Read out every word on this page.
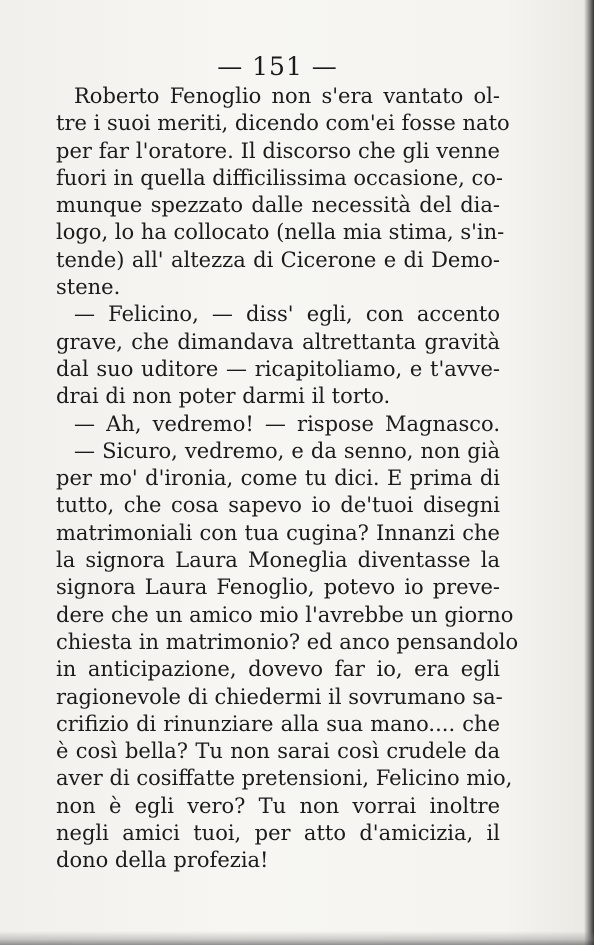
— 151 —
Roberto Fenoglio non s'era vantato ol-
tre i suoi meriti, dicendo com'ei fosse nato
per far l'oratore. Il discorso che gli venne
fuori in quella difficilissima occasione, co-
munque spezzato dalle necessità del dia-
logo, lo ha collocato (nella mia stima, s'in-
tende) all' altezza di Cicerone e di Demo-
stene.
— Felicino, — diss' egli, con accento
grave, che dimandava altrettanta gravità
dal suo uditore — ricapitoliamo, e t'avve-
drai di non poter darmi il torto.
— Ah, vedremo! — rispose Magnasco.
— Sicuro, vedremo, e da senno, non già
per mo' d'ironia, come tu dici. E prima di
tutto, che cosa sapevo io de'tuoi disegni
matrimoniali con tua cugina? Innanzi che
la signora Laura Moneglia diventasse la
signora Laura Fenoglio, potevo io preve-
dere che un amico mio l'avrebbe un giorno
chiesta in matrimonio? ed anco pensandolo
in anticipazione, dovevo far io, era egli
ragionevole di chiedermi il sovrumano sa-
crifizio di rinunziare alla sua mano.... che
è così bella? Tu non sarai così crudele da
aver di cosiffatte pretensioni, Felicino mio,
non è egli vero? Tu non vorrai inoltre
negli amici tuoi, per atto d'amicizia, il
dono della profezia!
